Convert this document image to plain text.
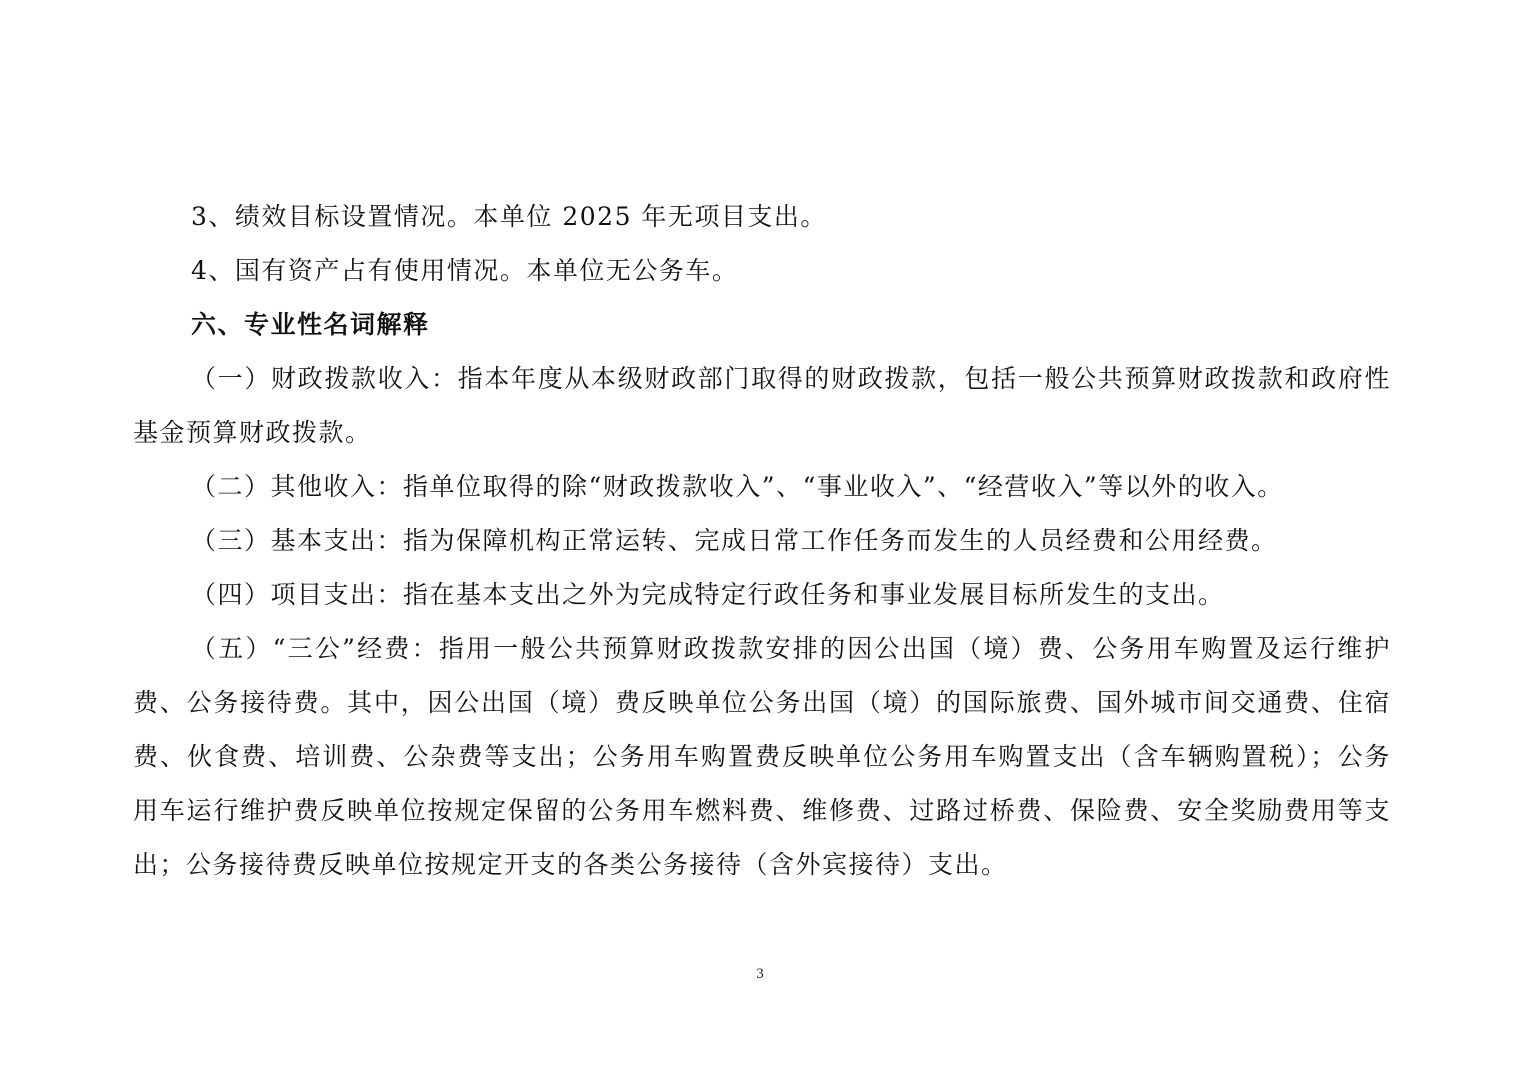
3、绩效目标设置情况。本单位 2025 年无项目支出。

4、国有资产占有使用情况。本单位无公务车。

六、专业性名词解释

（一）财政拨款收入：指本年度从本级财政部门取得的财政拨款，包括一般公共预算财政拨款和政府性基金预算财政拨款。

（二）其他收入：指单位取得的除“财政拨款收入”、“事业收入”、“经营收入”等以外的收入。

（三）基本支出：指为保障机构正常运转、完成日常工作任务而发生的人员经费和公用经费。

（四）项目支出：指在基本支出之外为完成特定行政任务和事业发展目标所发生的支出。

（五）“三公”经费：指用一般公共预算财政拨款安排的因公出国（境）费、公务用车购置及运行维护费、公务接待费。其中，因公出国（境）费反映单位公务出国（境）的国际旅费、国外城市间交通费、住宿费、伙食费、培训费、公杂费等支出；公务用车购置费反映单位公务用车购置支出（含车辆购置税）；公务用车运行维护费反映单位按规定保留的公务用车燃料费、维修费、过路过桥费、保险费、安全奖励费用等支出；公务接待费反映单位按规定开支的各类公务接待（含外宾接待）支出。

3
